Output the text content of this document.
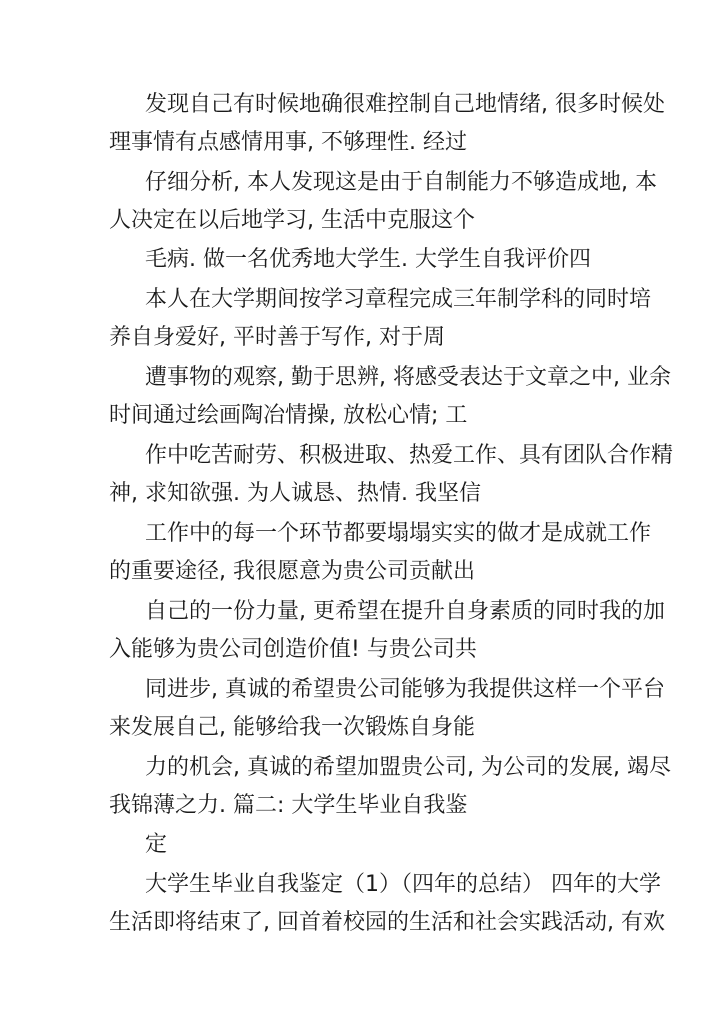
发现自己有时候地确很难控制自己地情绪, 很多时候处
理事情有点感情用事, 不够理性. 经过
仔细分析, 本人发现这是由于自制能力不够造成地, 本
人决定在以后地学习, 生活中克服这个
毛病. 做一名优秀地大学生. 大学生自我评价四
本人在大学期间按学习章程完成三年制学科的同时培
养自身爱好, 平时善于写作, 对于周
遭事物的观察, 勤于思辨, 将感受表达于文章之中, 业余
时间通过绘画陶冶情操, 放松心情; 工
作中吃苦耐劳、积极进取、热爱工作、具有团队合作精
神, 求知欲强. 为人诚恳、热情. 我坚信
工作中的每一个环节都要塌塌实实的做才是成就工作
的重要途径, 我很愿意为贵公司贡献出
自己的一份力量, 更希望在提升自身素质的同时我的加
入能够为贵公司创造价值! 与贵公司共
同进步, 真诚的希望贵公司能够为我提供这样一个平台
来发展自己, 能够给我一次锻炼自身能
力的机会, 真诚的希望加盟贵公司, 为公司的发展, 竭尽
我锦薄之力. 篇二: 大学生毕业自我鉴
定
大学生毕业自我鉴定（1）（四年的总结） 四年的大学
生活即将结束了, 回首着校园的生活和社会实践活动, 有欢
